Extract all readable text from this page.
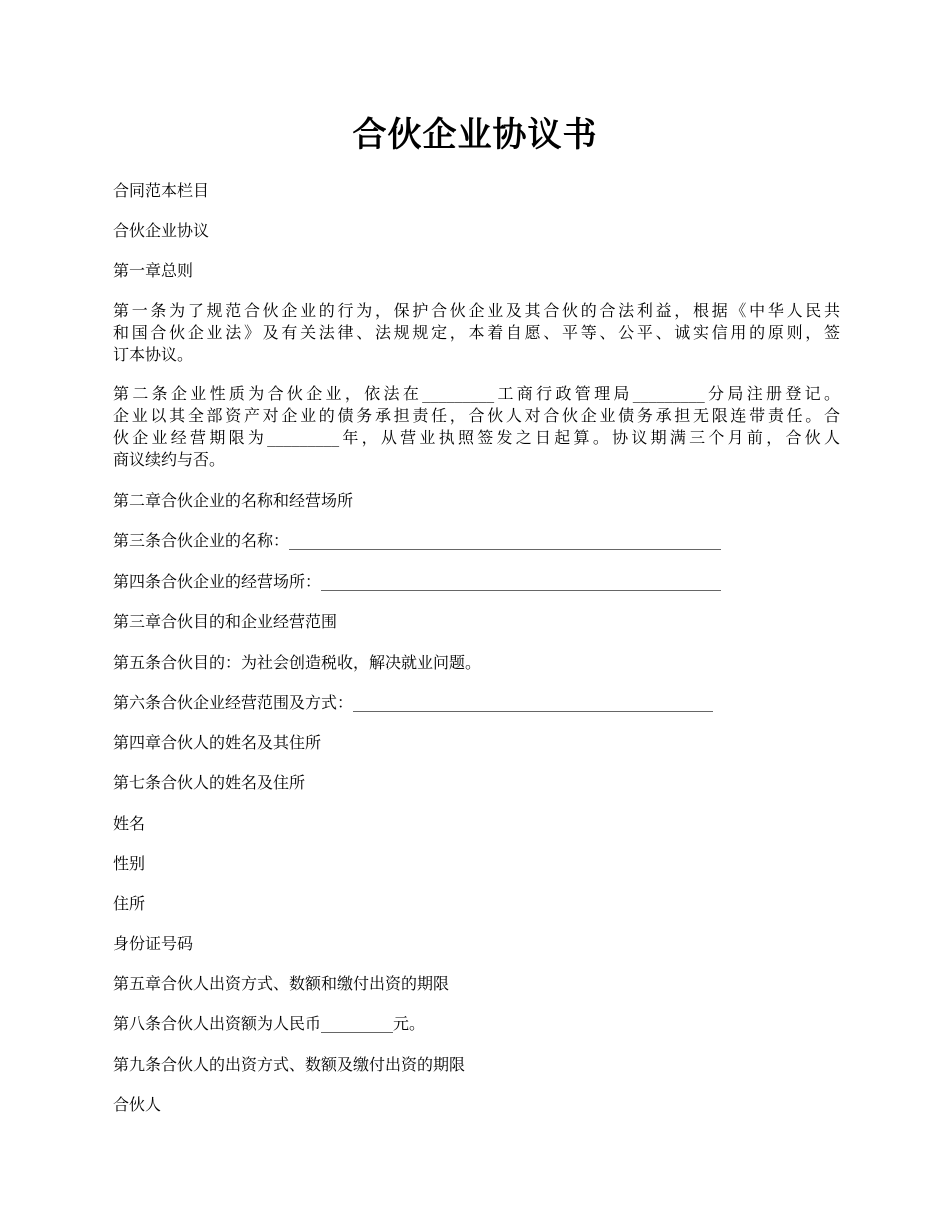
合伙企业协议书
合同范本栏目
合伙企业协议
第一章总则
第一条为了规范合伙企业的行为，保护合伙企业及其合伙的合法利益，根据《中华人民共
和国合伙企业法》及有关法律、法规规定，本着自愿、平等、公平、诚实信用的原则，签
订本协议。
第二条企业性质为合伙企业，依法在_________工商行政管理局_________分局注册登记。
企业以其全部资产对企业的债务承担责任，合伙人对合伙企业债务承担无限连带责任。合
伙企业经营期限为_________年，从营业执照签发之日起算。协议期满三个月前，合伙人
商议续约与否。
第二章合伙企业的名称和经营场所
第三条合伙企业的名称：______________________________________________________
第四条合伙企业的经营场所：__________________________________________________
第三章合伙目的和企业经营范围
第五条合伙目的：为社会创造税收，解决就业问题。
第六条合伙企业经营范围及方式：_____________________________________________
第四章合伙人的姓名及其住所
第七条合伙人的姓名及住所
姓名
性别
住所
身份证号码
第五章合伙人出资方式、数额和缴付出资的期限
第八条合伙人出资额为人民币_________元。
第九条合伙人的出资方式、数额及缴付出资的期限
合伙人
